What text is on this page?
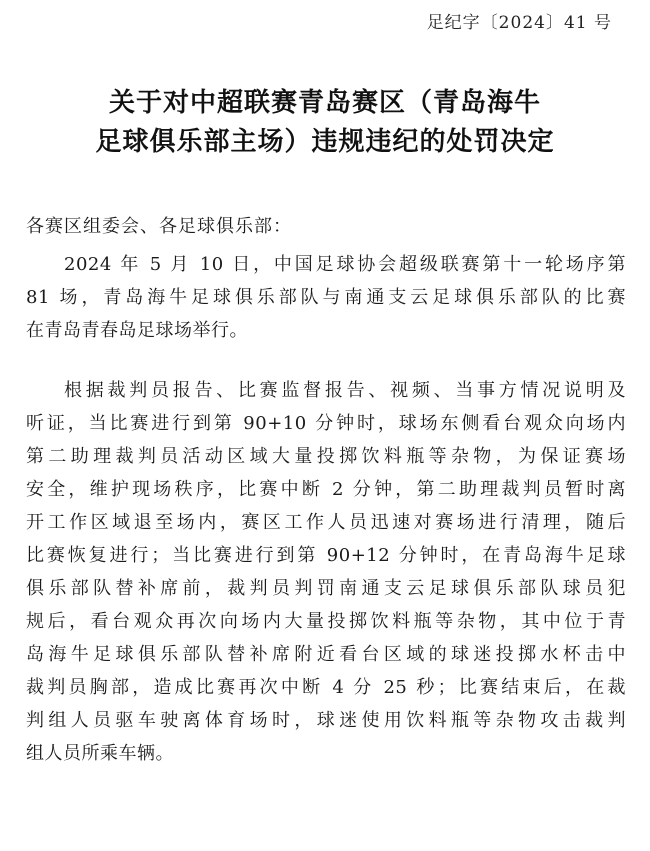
足纪字〔2024〕41 号
关于对中超联赛青岛赛区（青岛海牛
足球俱乐部主场）违规违纪的处罚决定
各赛区组委会、各足球俱乐部：

2024 年 5 月 10 日，中国足球协会超级联赛第十一轮场序第
81 场，青岛海牛足球俱乐部队与南通支云足球俱乐部队的比赛
在青岛青春岛足球场举行。

根据裁判员报告、比赛监督报告、视频、当事方情况说明及
听证，当比赛进行到第 90+10 分钟时，球场东侧看台观众向场内
第二助理裁判员活动区域大量投掷饮料瓶等杂物，为保证赛场
安全，维护现场秩序，比赛中断 2 分钟，第二助理裁判员暂时离
开工作区域退至场内，赛区工作人员迅速对赛场进行清理，随后
比赛恢复进行；当比赛进行到第 90+12 分钟时，在青岛海牛足球
俱乐部队替补席前，裁判员判罚南通支云足球俱乐部队球员犯
规后，看台观众再次向场内大量投掷饮料瓶等杂物，其中位于青
岛海牛足球俱乐部队替补席附近看台区域的球迷投掷水杯击中
裁判员胸部，造成比赛再次中断 4 分 25 秒；比赛结束后，在裁
判组人员驱车驶离体育场时，球迷使用饮料瓶等杂物攻击裁判
组人员所乘车辆。
